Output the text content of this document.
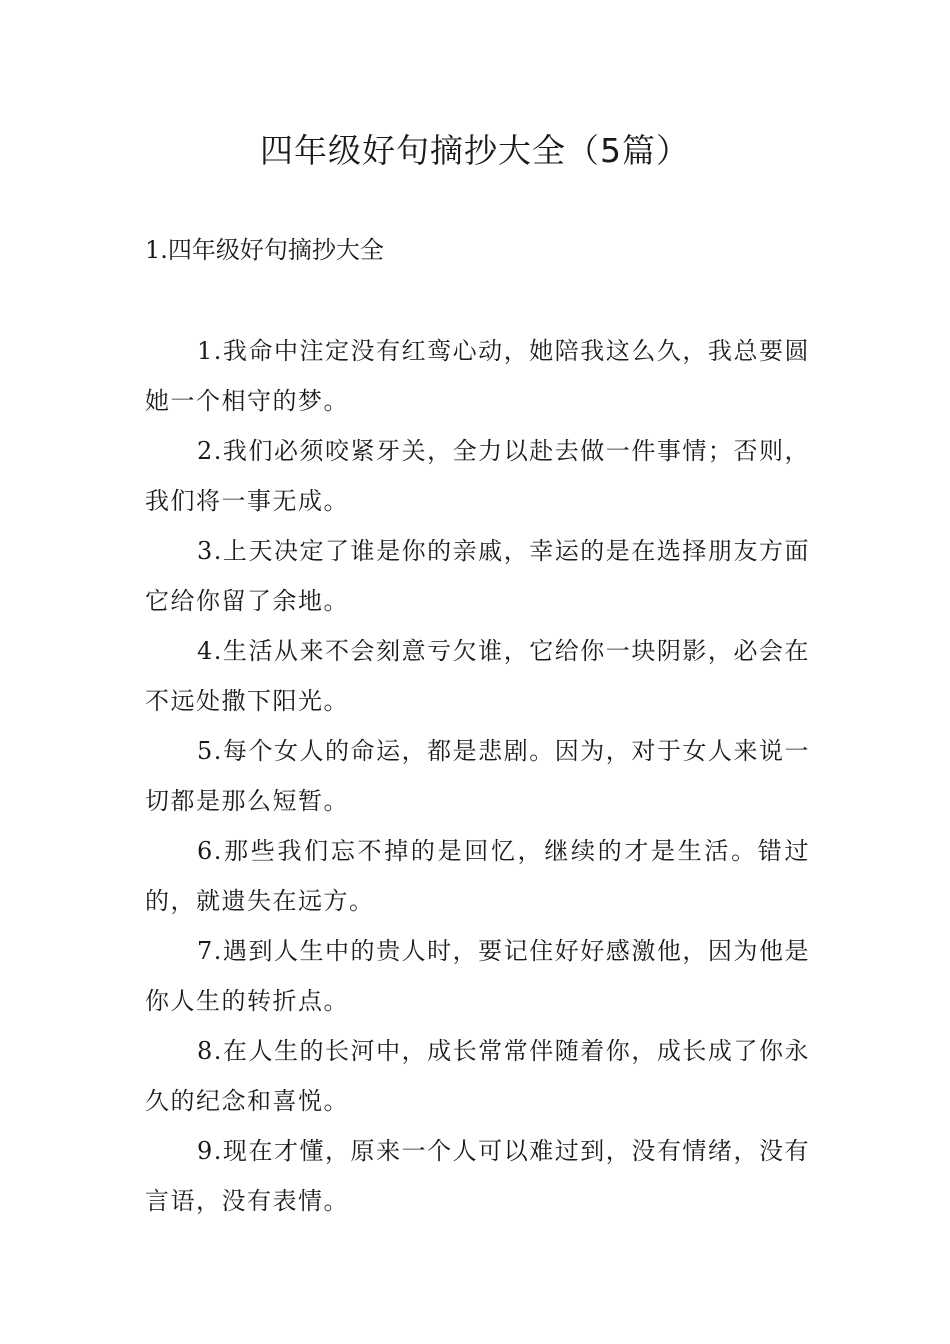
四年级好句摘抄大全（5篇）
1.四年级好句摘抄大全

1.我命中注定没有红鸾心动，她陪我这么久，我总要圆她一个相守的梦。

2.我们必须咬紧牙关，全力以赴去做一件事情；否则，我们将一事无成。

3.上天决定了谁是你的亲戚，幸运的是在选择朋友方面它给你留了余地。

4.生活从来不会刻意亏欠谁，它给你一块阴影，必会在不远处撒下阳光。

5.每个女人的命运，都是悲剧。因为，对于女人来说一切都是那么短暂。

6.那些我们忘不掉的是回忆，继续的才是生活。错过的，就遗失在远方。

7.遇到人生中的贵人时，要记住好好感激他，因为他是你人生的转折点。

8.在人生的长河中，成长常常伴随着你，成长成了你永久的纪念和喜悦。

9.现在才懂，原来一个人可以难过到，没有情绪，没有言语，没有表情。
